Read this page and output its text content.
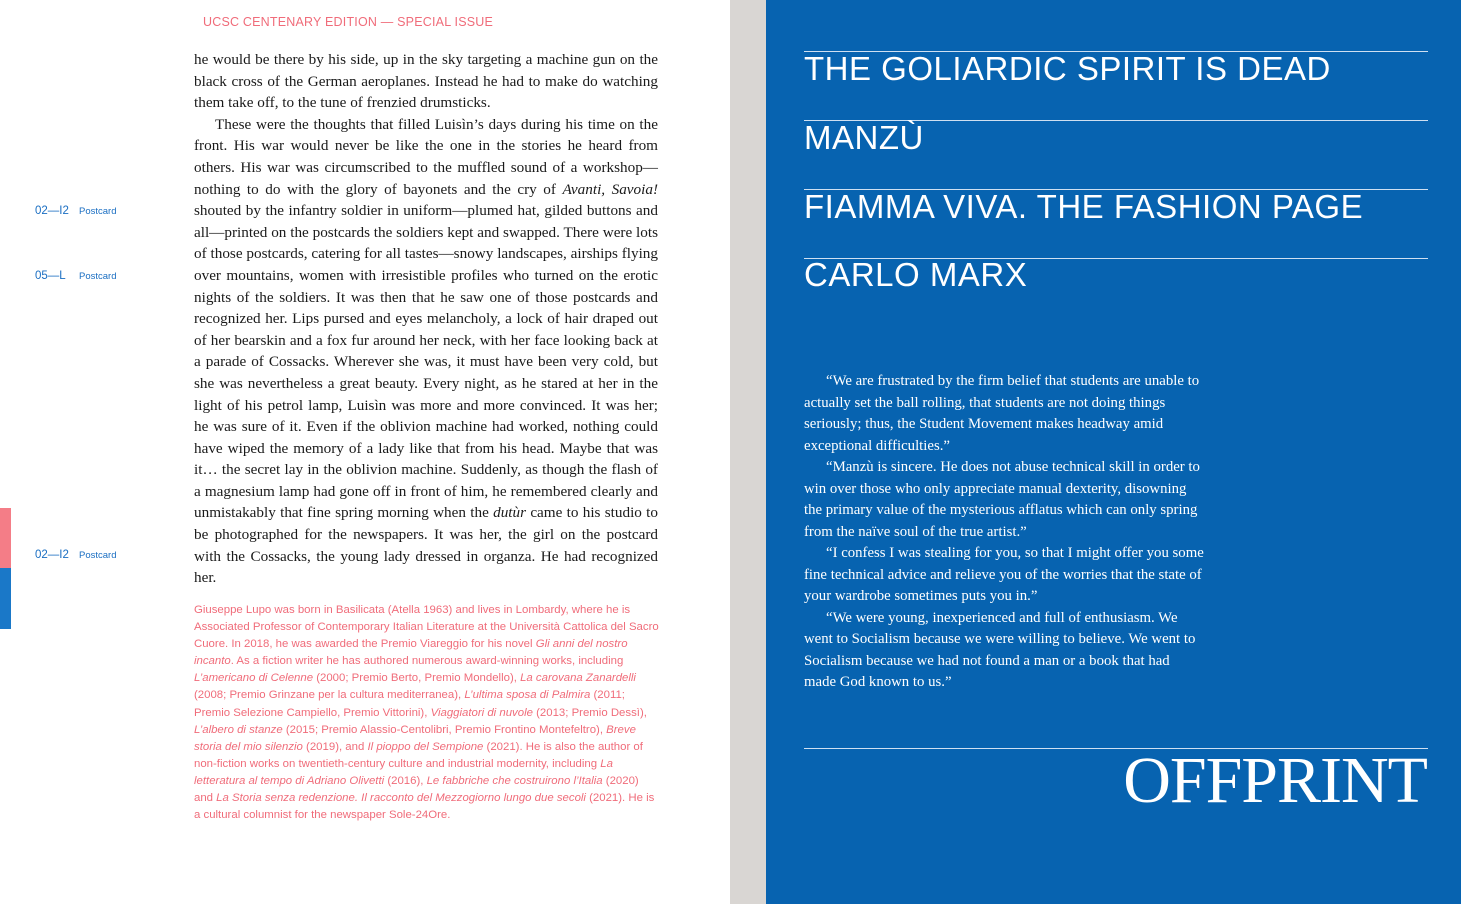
UCSC CENTENARY EDITION — SPECIAL ISSUE
02—I2 Postcard
05—L Postcard
02—I2 Postcard

he would be there by his side, up in the sky targeting a machine gun on the black cross of the German aeroplanes. Instead he had to make do watching them take off, to the tune of frenzied drumsticks.

These were the thoughts that filled Luisìn’s days during his time on the front. His war would never be like the one in the stories he heard from others. His war was circumscribed to the muffled sound of a workshop—nothing to do with the glory of bayonets and the cry of Avanti, Savoia! shouted by the infantry soldier in uniform—plumed hat, gilded buttons and all—printed on the postcards the soldiers kept and swapped. There were lots of those postcards, catering for all tastes—snowy landscapes, airships flying over mountains, women with irresistible profiles who turned on the erotic nights of the soldiers. It was then that he saw one of those postcards and recognized her. Lips pursed and eyes melancholy, a lock of hair draped out of her bearskin and a fox fur around her neck, with her face looking back at a parade of Cossacks. Wherever she was, it must have been very cold, but she was nevertheless a great beauty. Every night, as he stared at her in the light of his petrol lamp, Luisìn was more and more convinced. It was her; he was sure of it. Even if the oblivion machine had worked, nothing could have wiped the memory of a lady like that from his head. Maybe that was it… the secret lay in the oblivion machine. Suddenly, as though the flash of a magnesium lamp had gone off in front of him, he remembered clearly and unmistakably that fine spring morning when the dutùr came to his studio to be photographed for the newspapers. It was her, the girl on the postcard with the Cossacks, the young lady dressed in organza. He had recognized her.

Giuseppe Lupo was born in Basilicata (Atella 1963) and lives in Lombardy, where he is Associated Professor of Contemporary Italian Literature at the Università Cattolica del Sacro Cuore. In 2018, he was awarded the Premio Viareggio for his novel Gli anni del nostro incanto. As a fiction writer he has authored numerous award-winning works, including L’americano di Celenne (2000; Premio Berto, Premio Mondello), La carovana Zanardelli (2008; Premio Grinzane per la cultura mediterranea), L’ultima sposa di Palmira (2011; Premio Selezione Campiello, Premio Vittorini), Viaggiatori di nuvole (2013; Premio Dessì), L’albero di stanze (2015; Premio Alassio-Centolibri, Premio Frontino Montefeltro), Breve storia del mio silenzio (2019), and Il pioppo del Sempione (2021). He is also the author of non-fiction works on twentieth-century culture and industrial modernity, including La letteratura al tempo di Adriano Olivetti (2016), Le fabbriche che costruirono l’Italia (2020) and La Storia senza redenzione. Il racconto del Mezzogiorno lungo due secoli (2021). He is a cultural columnist for the newspaper Sole-24Ore.
THE GOLIARDIC SPIRIT IS DEAD
MANZÙ
FIAMMA VIVA. THE FASHION PAGE
CARLO MARX

“We are frustrated by the firm belief that students are unable to actually set the ball rolling, that students are not doing things seriously; thus, the Student Movement makes headway amid exceptional difficulties.”

“Manzù is sincere. He does not abuse technical skill in order to win over those who only appreciate manual dexterity, disowning the primary value of the mysterious afflatus which can only spring from the naïve soul of the true artist.”

“I confess I was stealing for you, so that I might offer you some fine technical advice and relieve you of the worries that the state of your wardrobe sometimes puts you in.”

“We were young, inexperienced and full of enthusiasm. We went to Socialism because we were willing to believe. We went to Socialism because we had not found a man or a book that had made God known to us.”

OFFPRINT
